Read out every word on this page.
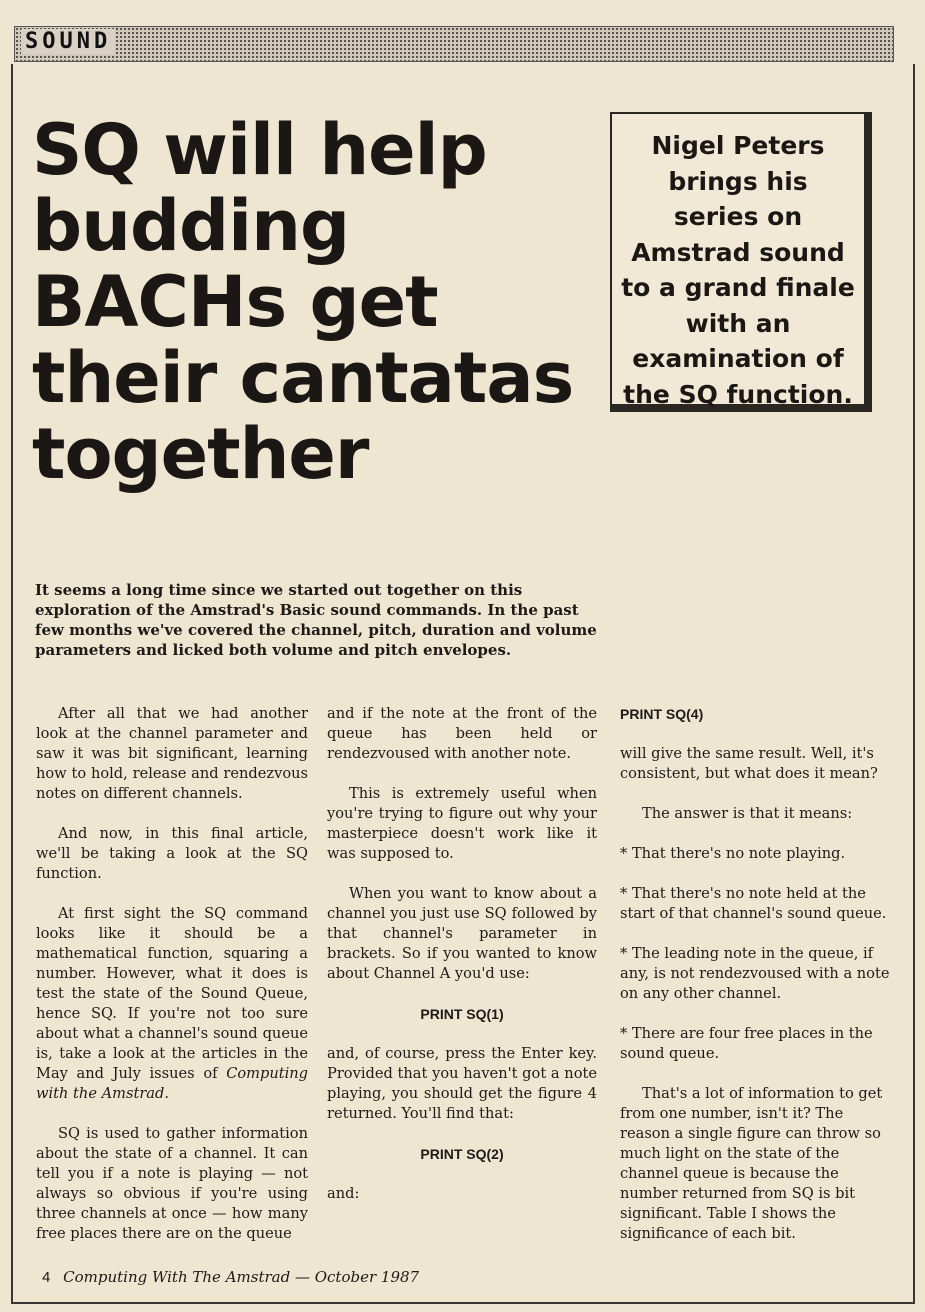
SOUND
SQ will help
budding
BACHs get
their cantatas
together
Nigel Peters
brings his
series on
Amstrad sound
to a grand finale
with an
examination of
the SQ function.
It seems a long time since we started out together on this exploration of the Amstrad's Basic sound commands. In the past few months we've covered the channel, pitch, duration and volume parameters and licked both volume and pitch envelopes.

After all that we had another look at the channel parameter and saw it was bit significant, learning how to hold, release and rendezvous notes on different channels.

And now, in this final article, we'll be taking a look at the SQ function.

At first sight the SQ command looks like it should be a mathematical function, squaring a number. However, what it does is test the state of the Sound Queue, hence SQ. If you're not too sure about what a channel's sound queue is, take a look at the articles in the May and July issues of Computing with the Amstrad.

SQ is used to gather information about the state of a channel. It can tell you if a note is playing — not always so obvious if you're using three channels at once — how many free places there are on the queue

and if the note at the front of the queue has been held or rendezvoused with another note.

This is extremely useful when you're trying to figure out why your masterpiece doesn't work like it was supposed to.

When you want to know about a channel you just use SQ followed by that channel's parameter in brackets. So if you wanted to know about Channel A you'd use:

PRINT SQ(1)

and, of course, press the Enter key. Provided that you haven't got a note playing, you should get the figure 4 returned. You'll find that:

PRINT SQ(2)

and:

PRINT SQ(4)

will give the same result. Well, it's consistent, but what does it mean?

The answer is that it means:

* That there's no note playing.

* That there's no note held at the start of that channel's sound queue.

* The leading note in the queue, if any, is not rendezvoused with a note on any other channel.

* There are four free places in the sound queue.

That's a lot of information to get from one number, isn't it? The reason a single figure can throw so much light on the state of the channel queue is because the number returned from SQ is bit significant. Table I shows the significance of each bit.

4 Computing With The Amstrad — October 1987
